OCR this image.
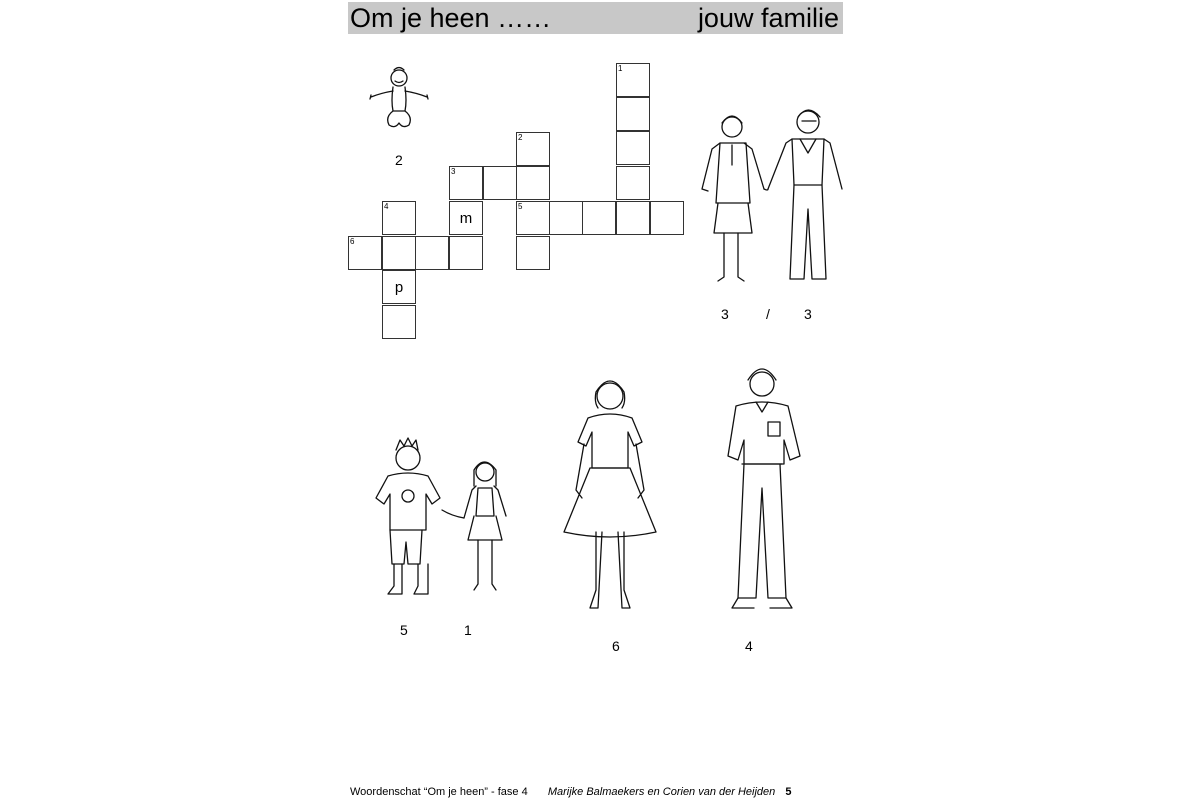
Om je heen ……	jouw familie
1
2
3
4
m
5
6
p
2
3	/ 3
5	1
6	4
Woordenschat “Om je heen” - fase 4 Marijke Balmaekers en Corien van der Heijden 5
